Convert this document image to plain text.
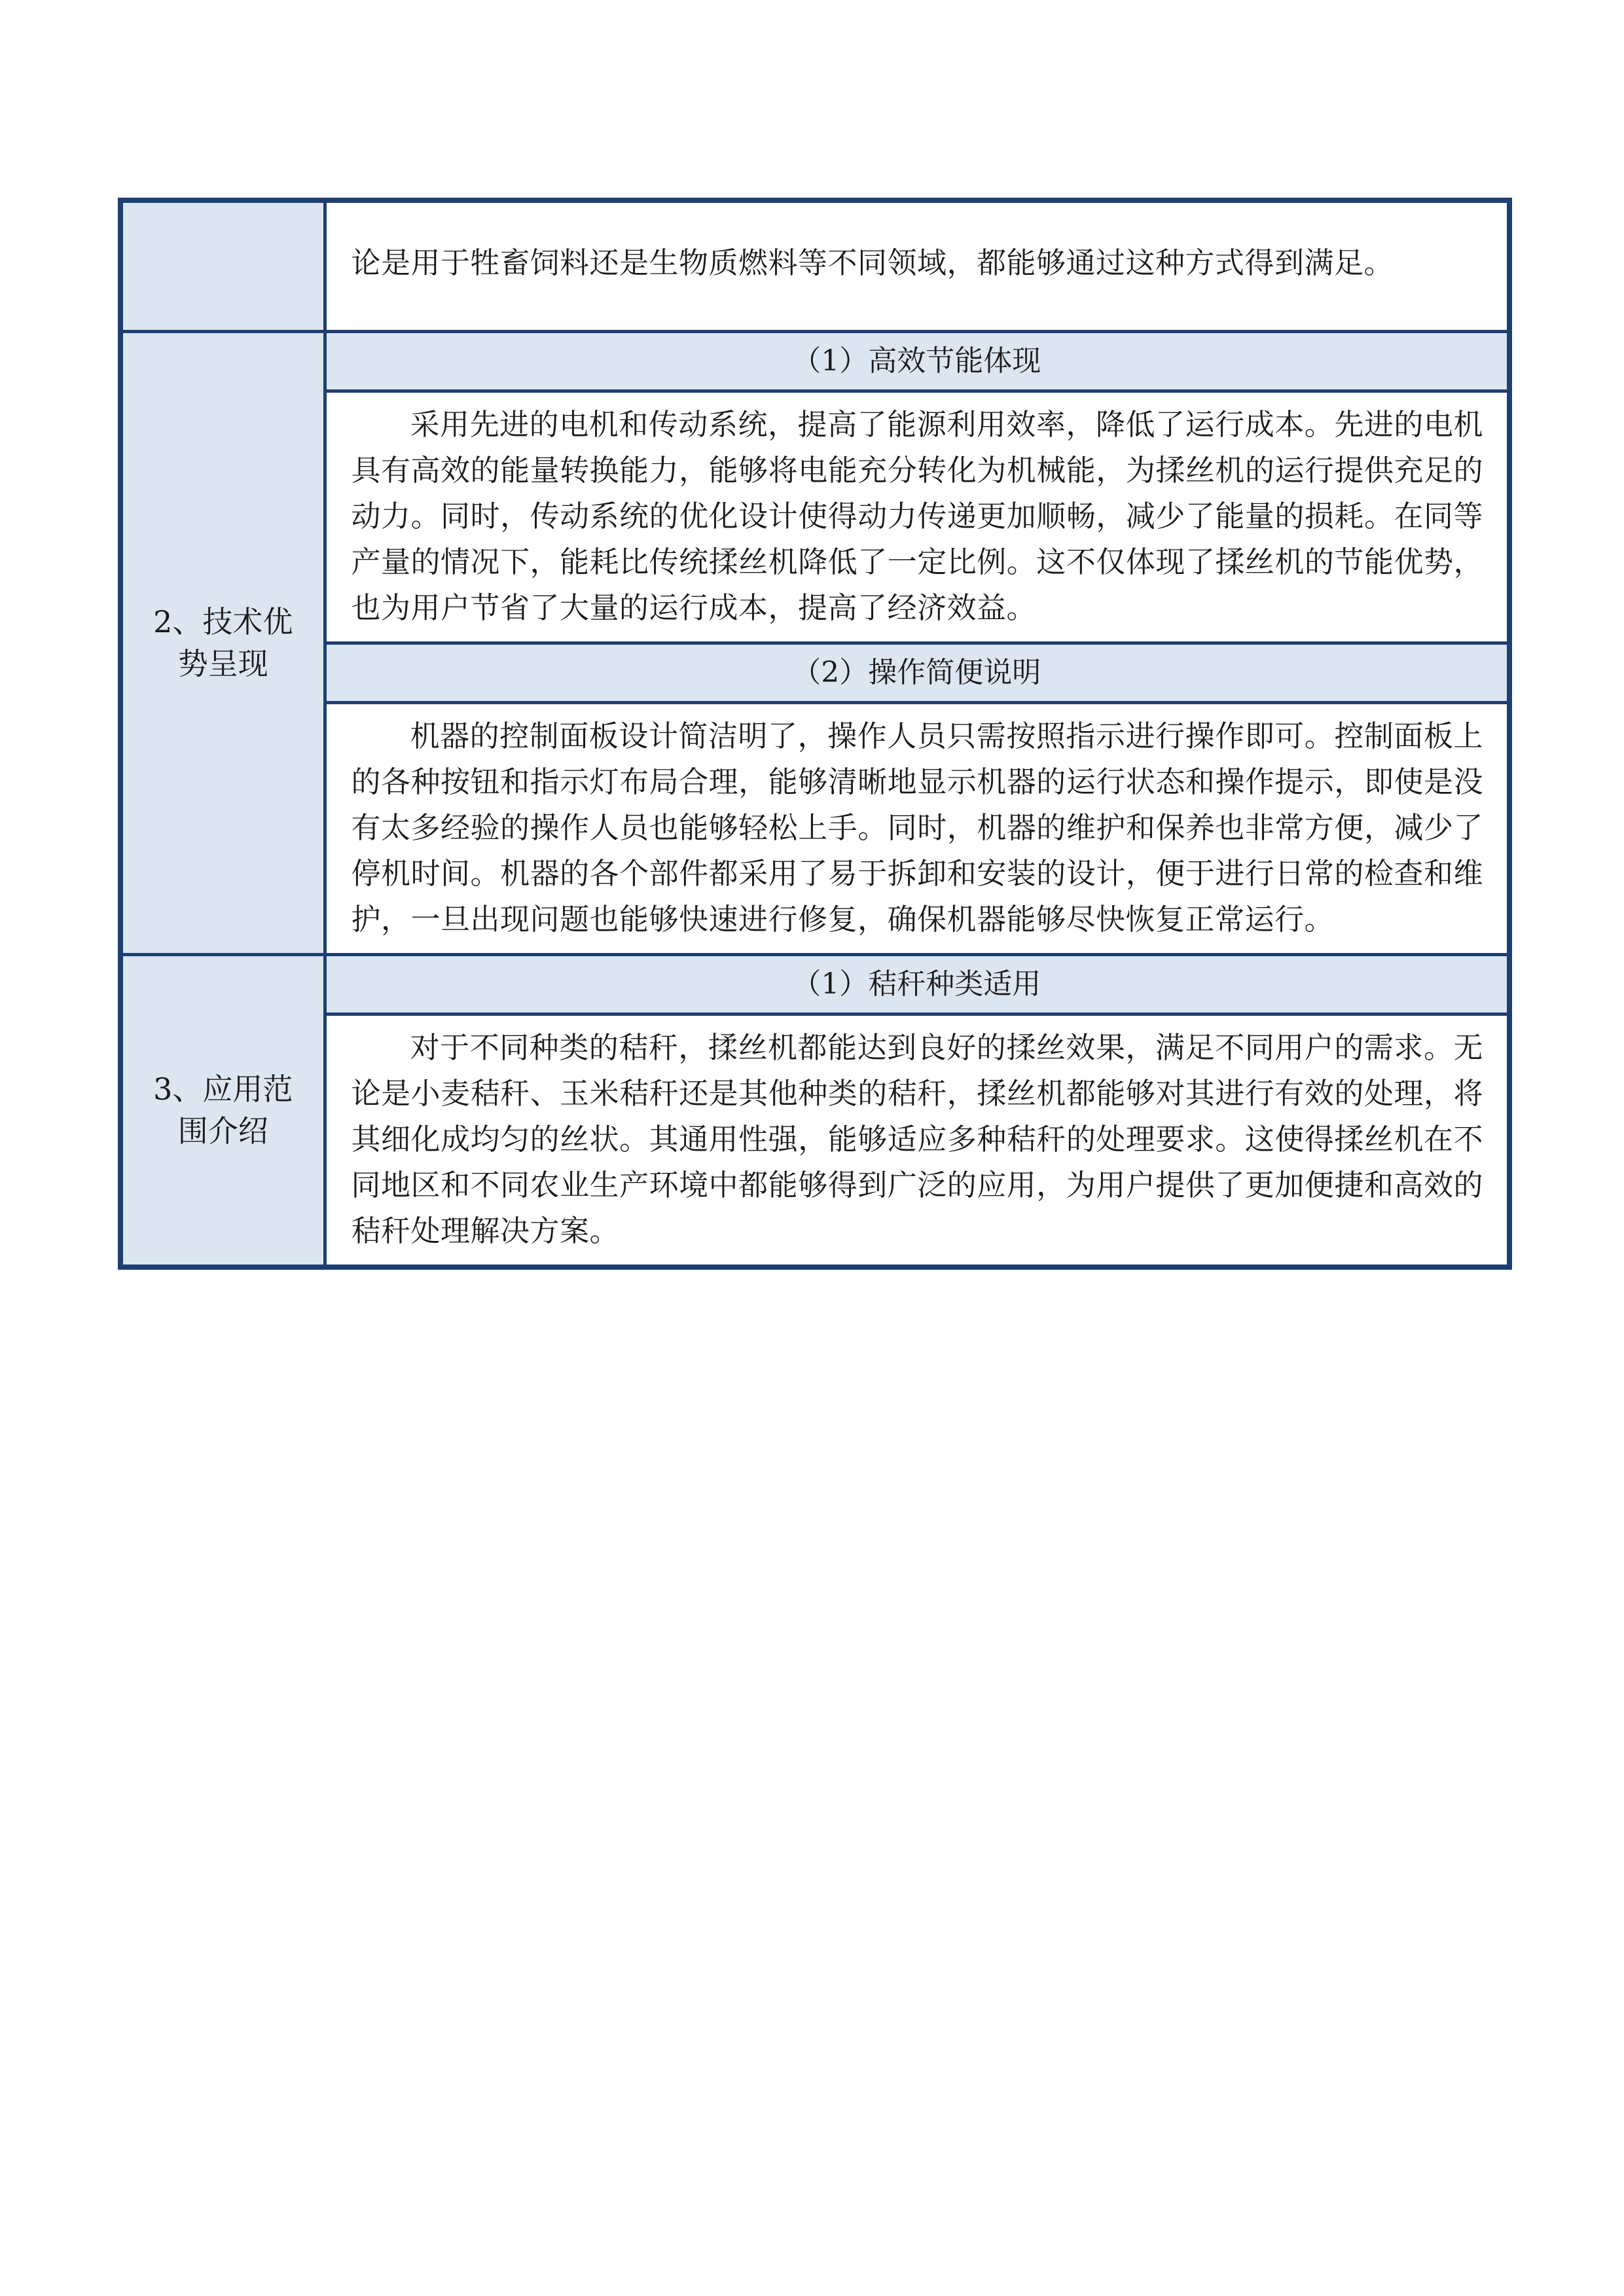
	论是用于牲畜饲料还是生物质燃料等不同领域，都能够通过这种方式得到满足。
2、技术优势呈现	（1）高效节能体现
	采用先进的电机和传动系统，提高了能源利用效率，降低了运行成本。先进的电机具有高效的能量转换能力，能够将电能充分转化为机械能，为揉丝机的运行提供充足的动力。同时，传动系统的优化设计使得动力传递更加顺畅，减少了能量的损耗。在同等产量的情况下，能耗比传统揉丝机降低了一定比例。这不仅体现了揉丝机的节能优势，也为用户节省了大量的运行成本，提高了经济效益。
	（2）操作简便说明
	机器的控制面板设计简洁明了，操作人员只需按照指示进行操作即可。控制面板上的各种按钮和指示灯布局合理，能够清晰地显示机器的运行状态和操作提示，即使是没有太多经验的操作人员也能够轻松上手。同时，机器的维护和保养也非常方便，减少了停机时间。机器的各个部件都采用了易于拆卸和安装的设计，便于进行日常的检查和维护，一旦出现问题也能够快速进行修复，确保机器能够尽快恢复正常运行。
3、应用范围介绍	（1）秸秆种类适用
	对于不同种类的秸秆，揉丝机都能达到良好的揉丝效果，满足不同用户的需求。无论是小麦秸秆、玉米秸秆还是其他种类的秸秆，揉丝机都能够对其进行有效的处理，将其细化成均匀的丝状。其通用性强，能够适应多种秸秆的处理要求。这使得揉丝机在不同地区和不同农业生产环境中都能够得到广泛的应用，为用户提供了更加便捷和高效的秸秆处理解决方案。
